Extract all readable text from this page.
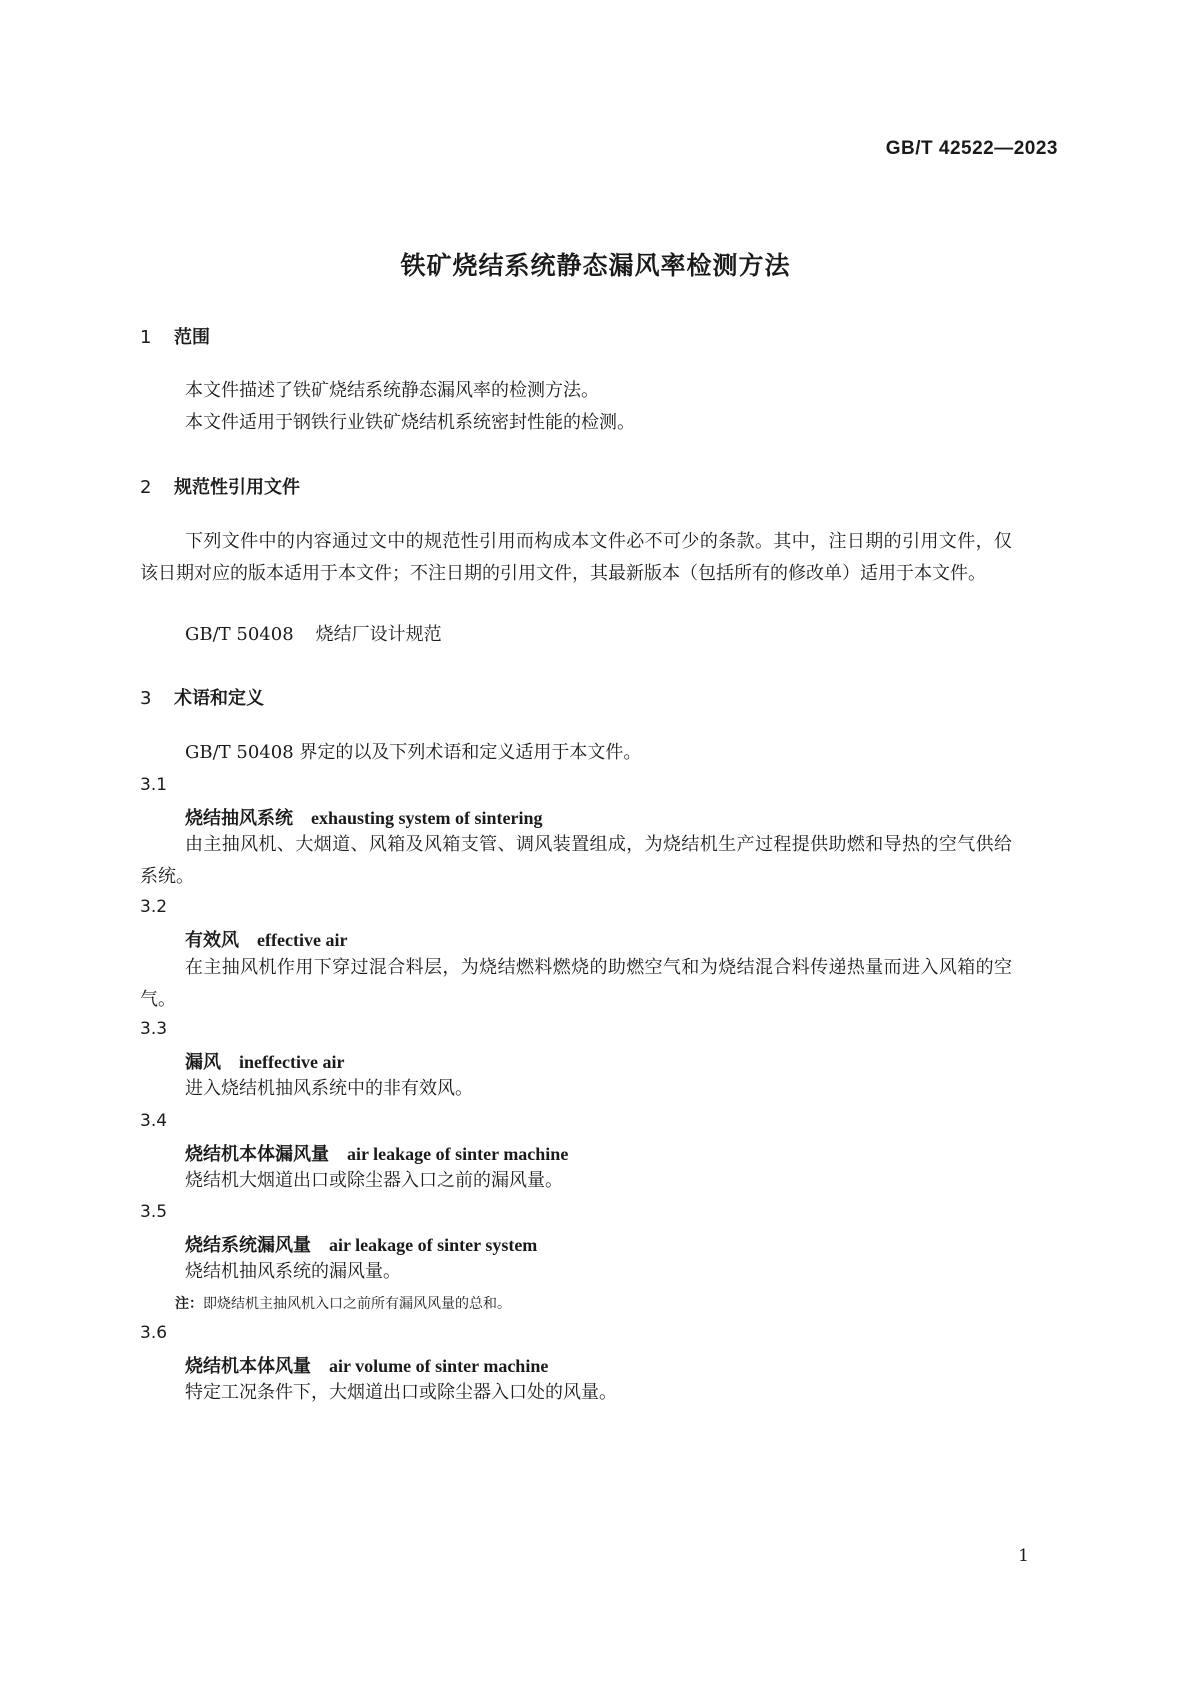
GB/T 42522—2023
铁矿烧结系统静态漏风率检测方法
1 范围
本文件描述了铁矿烧结系统静态漏风率的检测方法。
本文件适用于钢铁行业铁矿烧结机系统密封性能的检测。
2 规范性引用文件
下列文件中的内容通过文中的规范性引用而构成本文件必不可少的条款。其中，注日期的引用文件，仅该日期对应的版本适用于本文件；不注日期的引用文件，其最新版本（包括所有的修改单）适用于本文件。
GB/T 50408 烧结厂设计规范
3 术语和定义
GB/T 50408 界定的以及下列术语和定义适用于本文件。
3.1
烧结抽风系统 exhausting system of sintering
由主抽风机、大烟道、风箱及风箱支管、调风装置组成，为烧结机生产过程提供助燃和导热的空气供给系统。
3.2
有效风 effective air
在主抽风机作用下穿过混合料层，为烧结燃料燃烧的助燃空气和为烧结混合料传递热量而进入风箱的空气。
3.3
漏风 ineffective air
进入烧结机抽风系统中的非有效风。
3.4
烧结机本体漏风量 air leakage of sinter machine
烧结机大烟道出口或除尘器入口之前的漏风量。
3.5
烧结系统漏风量 air leakage of sinter system
烧结机抽风系统的漏风量。
注：即烧结机主抽风机入口之前所有漏风风量的总和。
3.6
烧结机本体风量 air volume of sinter machine
特定工况条件下，大烟道出口或除尘器入口处的风量。
1
